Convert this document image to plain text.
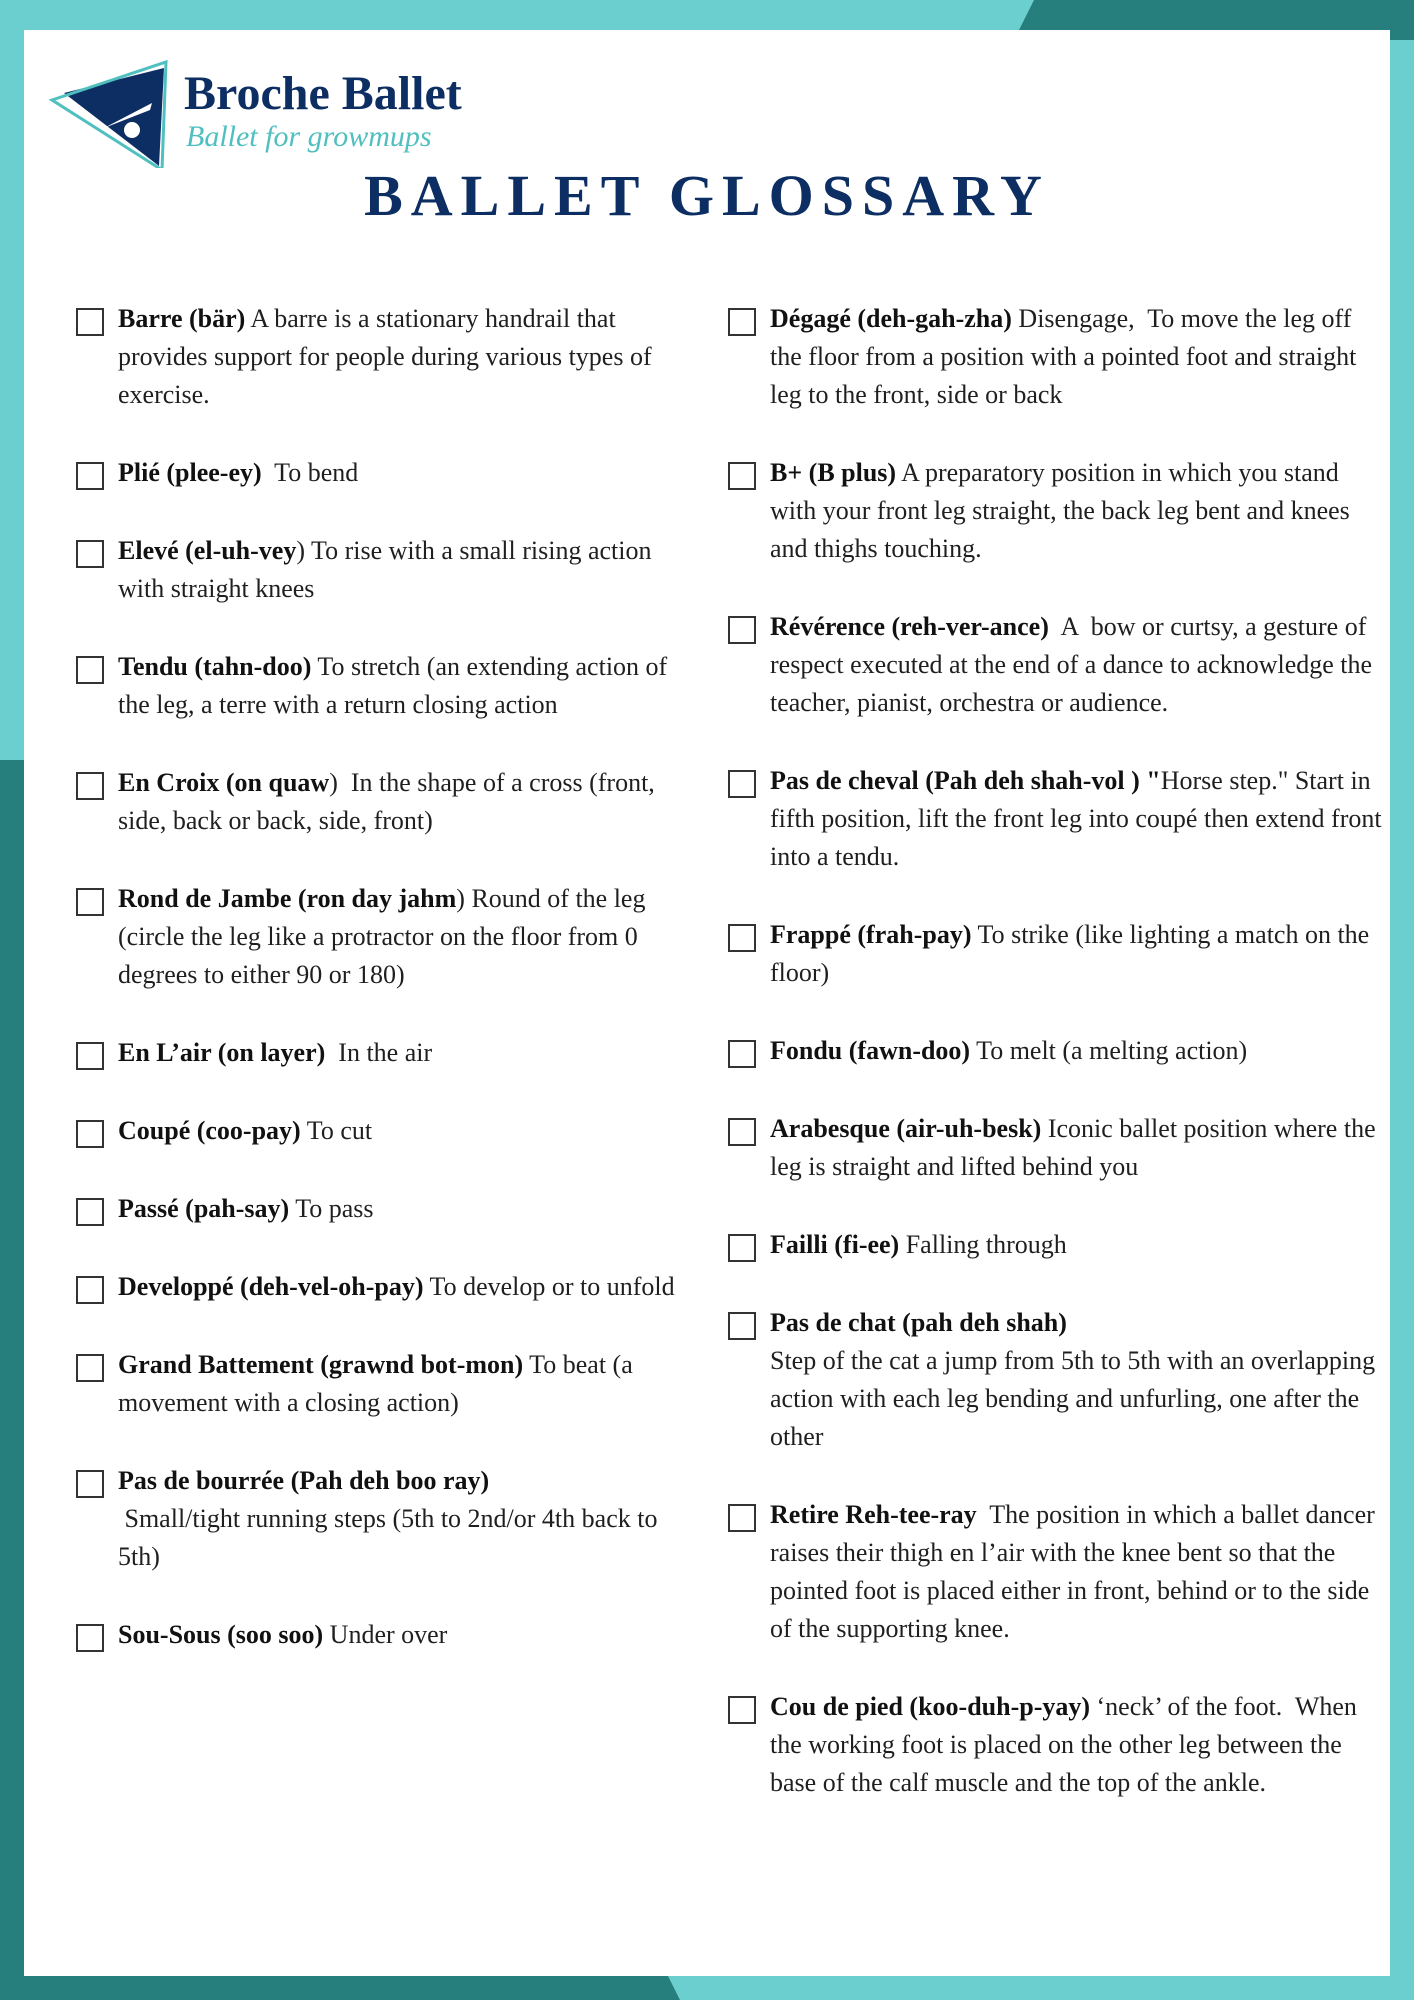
Broche Ballet
Ballet for growmups
BALLET GLOSSARY
Barre (bär) A barre is a stationary handrail that provides support for people during various types of exercise.
Plié (plee-ey)  To bend
Elevé (el-uh-vey) To rise with a small rising action with straight knees
Tendu (tahn-doo) To stretch (an extending action of the leg, a terre with a return closing action
En Croix (on quaw)  In the shape of a cross (front, side, back or back, side, front)
Rond de Jambe (ron day jahm) Round of the leg (circle the leg like a protractor on the floor from 0 degrees to either 90 or 180)
En L’air (on layer)  In the air
Coupé (coo-pay) To cut
Passé (pah-say) To pass
Developpé (deh-vel-oh-pay) To develop or to unfold
Grand Battement (grawnd bot-mon) To beat (a movement with a closing action)
Pas de bourrée (Pah deh boo ray)
Small/tight running steps (5th to 2nd/or 4th back to 5th)
Sou-Sous (soo soo) Under over
Dégagé (deh-gah-zha) Disengage,  To move the leg off the floor from a position with a pointed foot and straight leg to the front, side or back
B+ (B plus) A preparatory position in which you stand with your front leg straight, the back leg bent and knees and thighs touching.
Révérence (reh-ver-ance)  A  bow or curtsy, a gesture of respect executed at the end of a dance to acknowledge the teacher, pianist, orchestra or audience.
Pas de cheval (Pah deh shah-vol ) "Horse step." Start in fifth position, lift the front leg into coupé then extend front into a tendu.
Frappé (frah-pay) To strike (like lighting a match on the floor)
Fondu (fawn-doo) To melt (a melting action)
Arabesque (air-uh-besk) Iconic ballet position where the leg is straight and lifted behind you
Failli (fi-ee) Falling through
Pas de chat (pah deh shah)
Step of the cat a jump from 5th to 5th with an overlapping action with each leg bending and unfurling, one after the other
Retire Reh-tee-ray  The position in which a ballet dancer raises their thigh en l’air with the knee bent so that the pointed foot is placed either in front, behind or to the side of the supporting knee.
Cou de pied (koo-duh-p-yay) ‘neck’ of the foot.  When the working foot is placed on the other leg between the base of the calf muscle and the top of the ankle.
